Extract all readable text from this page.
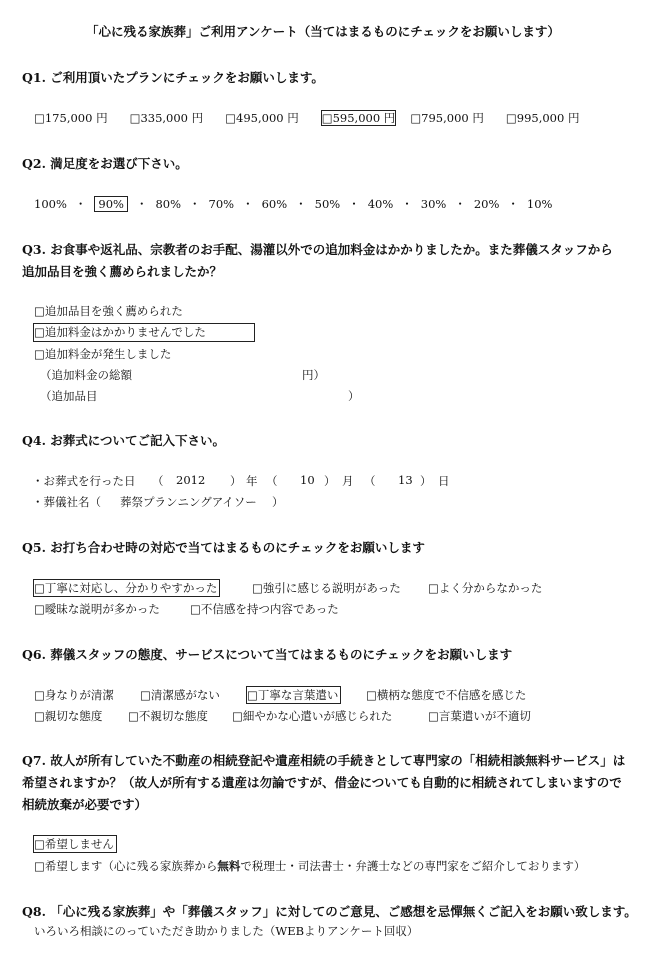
「心に残る家族葬」ご利用アンケート（当てはまるものにチェックをお願いします）
Q1. ご利用頂いたプランにチェックをお願いします。
□175,000 円 □335,000 円 □495,000 円 □595,000 円 □795,000 円 □995,000 円
Q2. 満足度をお選び下さい。
100% ・ 90% ・ 80% ・ 70% ・ 60% ・ 50% ・ 40% ・ 30% ・ 20% ・ 10%
Q3. お食事や返礼品、宗教者のお手配、湯灌以外での追加料金はかかりましたか。また葬儀スタッフから
追加品目を強く薦められましたか？
□追加品目を強く薦められた
□追加料金はかかりませんでした
□追加料金が発生しました
（追加料金の総額	円）
（追加品目	）
Q4. お葬式についてご記入下さい。
・お葬式を行った日 （ 2012 ） 年 （ 10 ） 月 （ 13 ） 日
・葬儀社名（ 葬祭プランニングアイソー ）
Q5. お打ち合わせ時の対応で当てはまるものにチェックをお願いします
□丁寧に対応し、分かりやすかった	□強引に感じる説明があった □よく分からなかった
□曖昧な説明が多かった	□不信感を持つ内容であった
Q6. 葬儀スタッフの態度、サービスについて当てはまるものにチェックをお願いします
□身なりが清潔 □清潔感がない □丁寧な言葉遣い □横柄な態度で不信感を感じた
□親切な態度 □不親切な態度 □細やかな心遣いが感じられた	□言葉遣いが不適切
Q7. 故人が所有していた不動産の相続登記や遺産相続の手続きとして専門家の「相続相談無料サービス」は
希望されますか？（故人が所有する遺産は勿論ですが、借金についても自動的に相続されてしまいますので
相続放棄が必要です）
□希望しません
□希望します（心に残る家族葬から無料で税理士・司法書士・弁護士などの専門家をご紹介しております）
Q8. 「心に残る家族葬」や「葬儀スタッフ」に対してのご意見、ご感想を忌憚無くご記入をお願い致します。
いろいろ相談にのっていただき助かりました（WEBよりアンケート回収）
